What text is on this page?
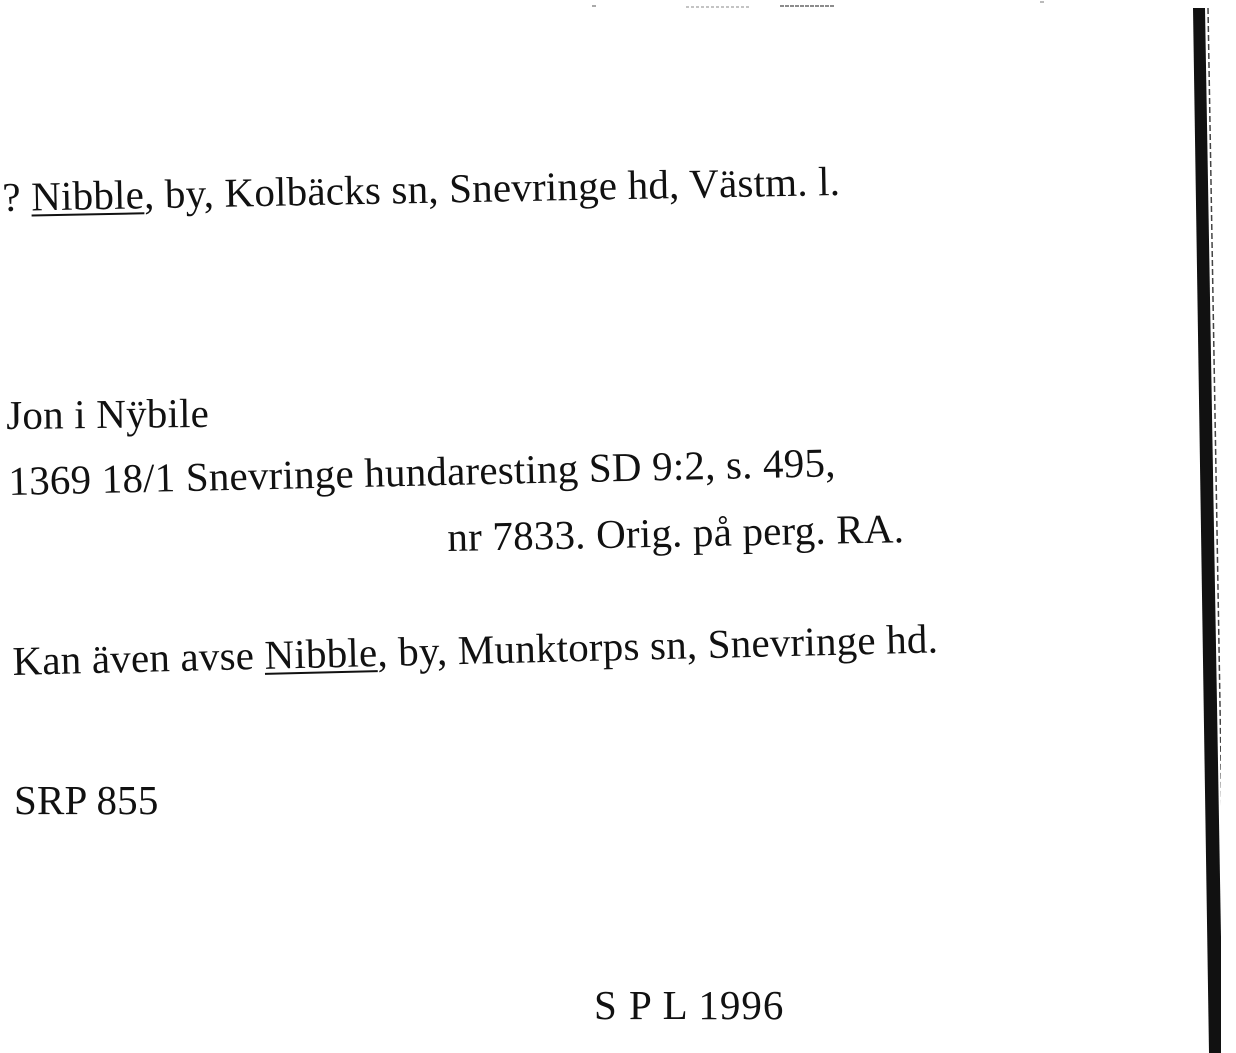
? Nibble, by, Kolbäcks sn, Snevringe hd, Västm. l.
Jon i Nÿbile
1369 18/1 Snevringe hundaresting SD 9:2, s. 495,
nr 7833. Orig. på perg. RA.
Kan även avse Nibble, by, Munktorps sn, Snevringe hd.
SRP 855
S P L 1996
